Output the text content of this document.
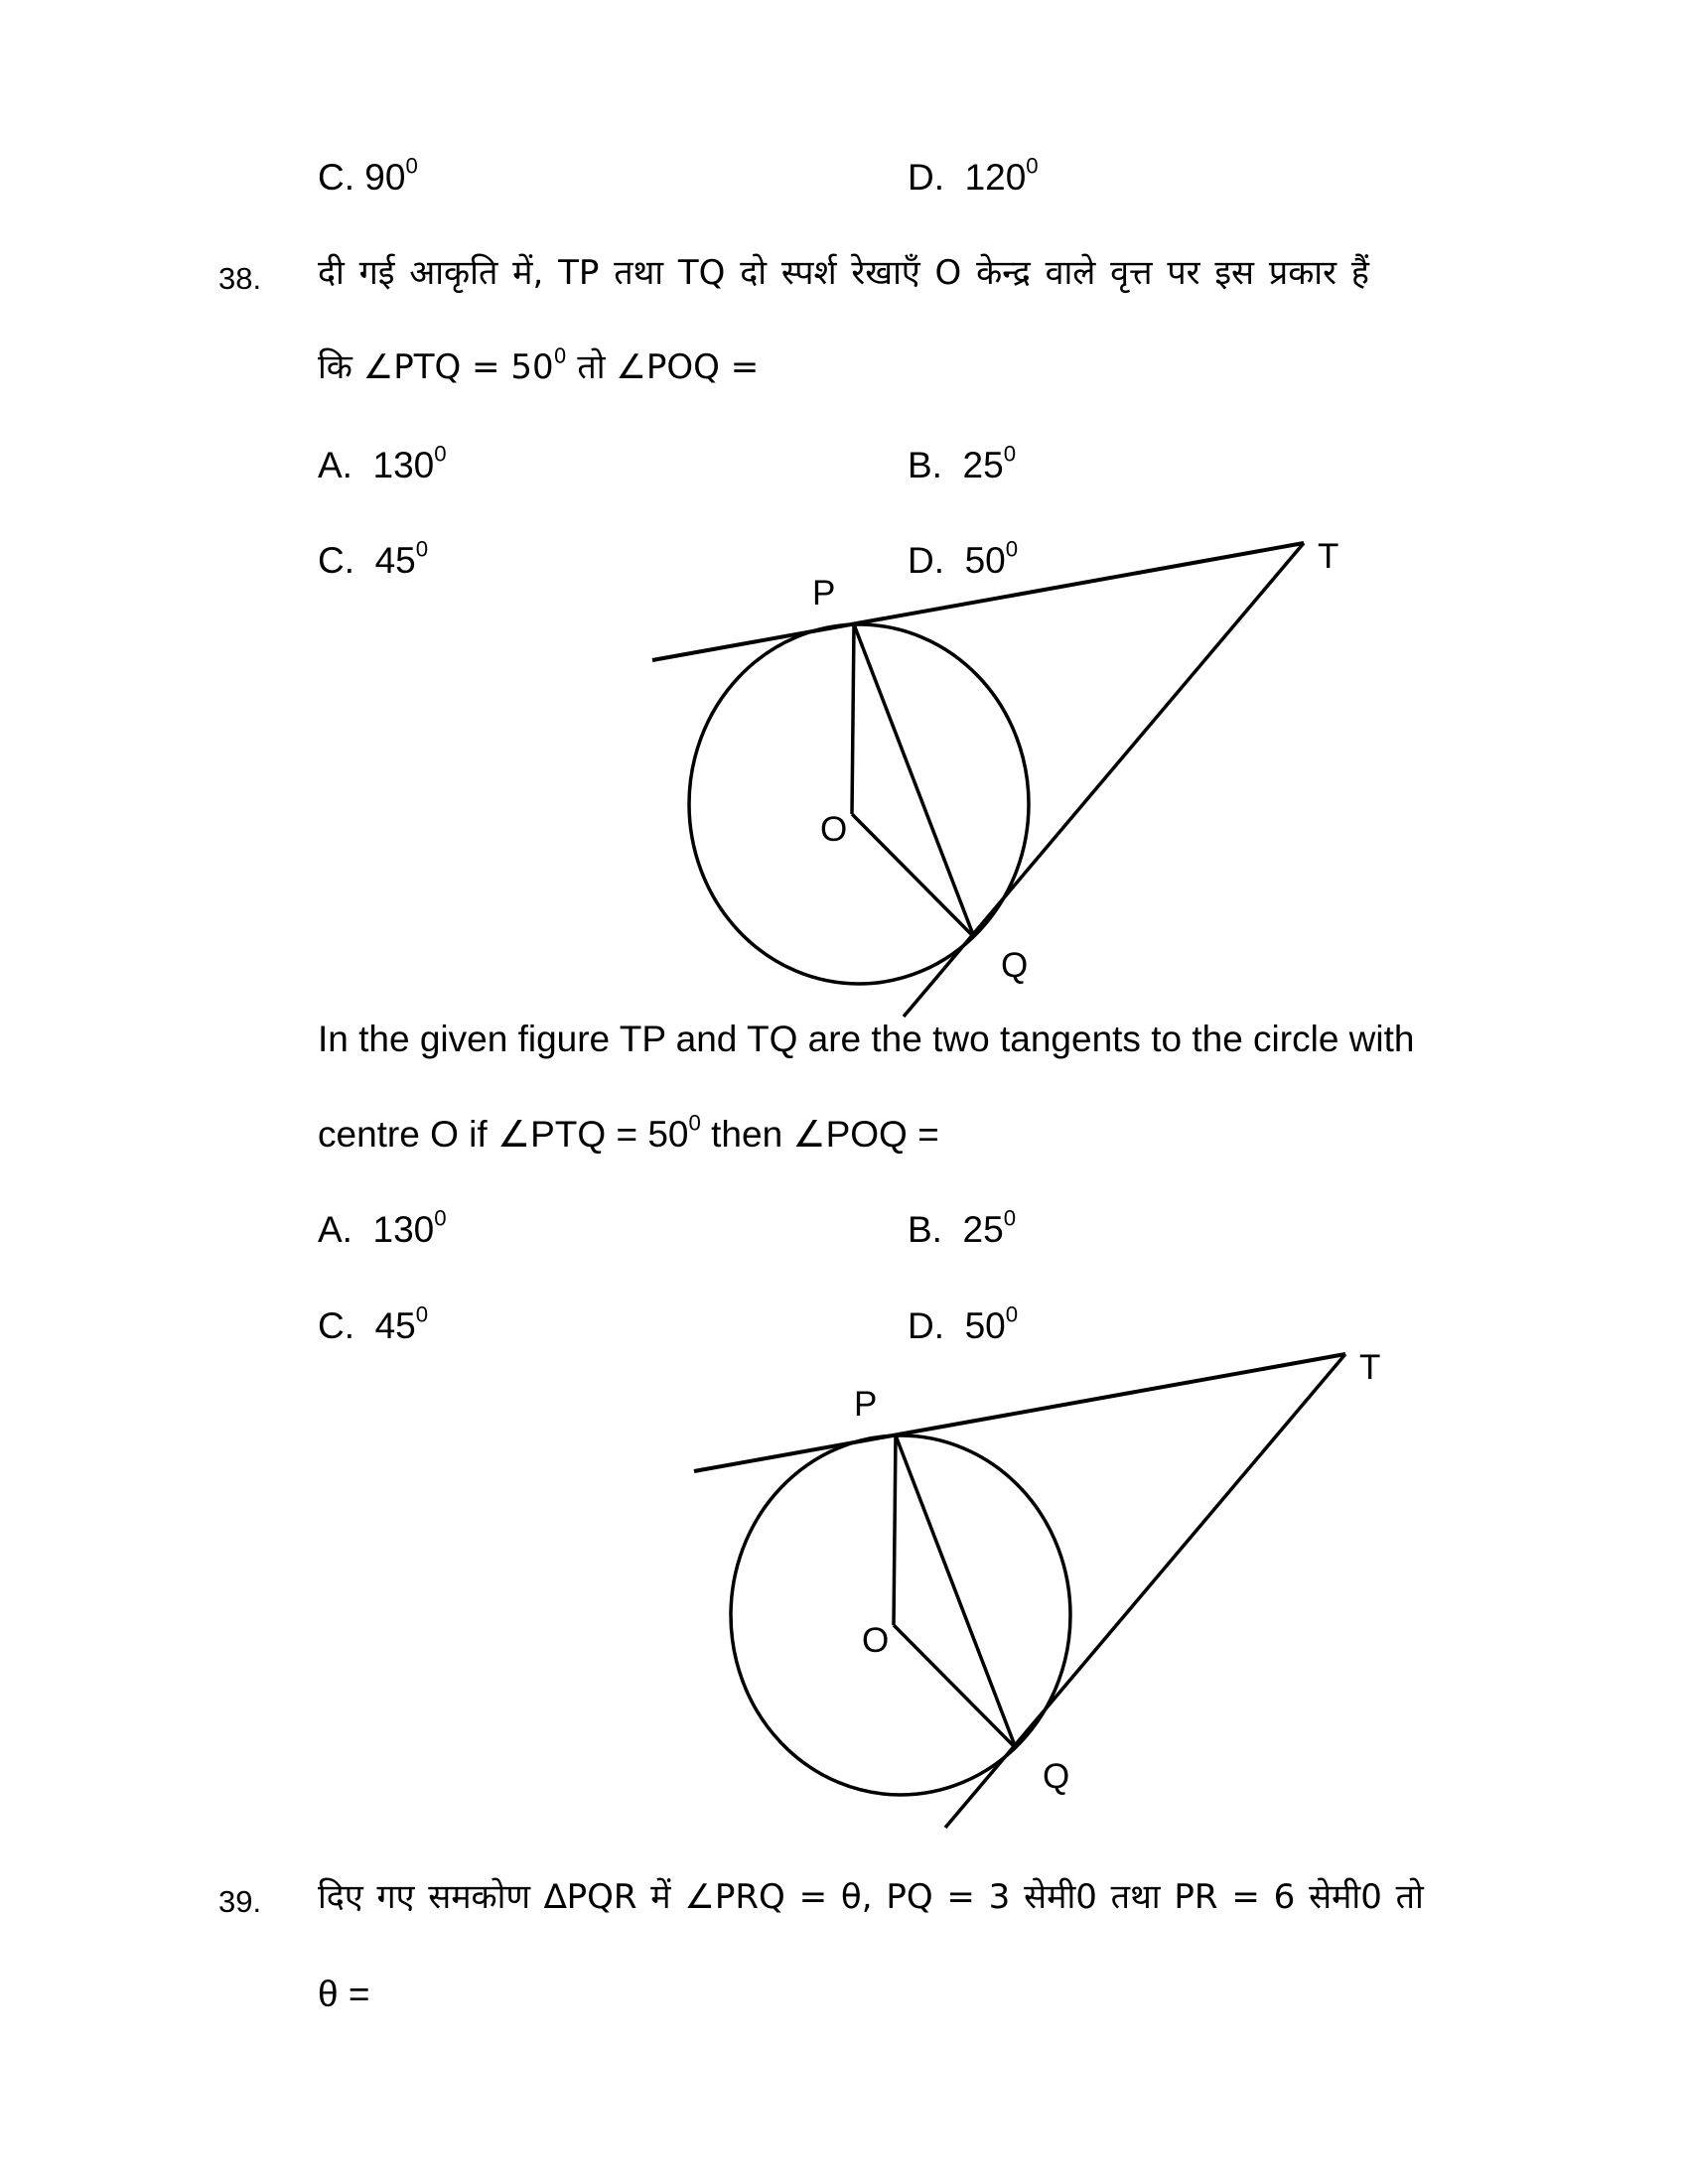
C. $90^0$	D. $120^0$
38. दी गई आकृति में, TP तथा TQ दो स्पर्श रेखाएँ O केन्द्र वाले वृत्त पर इस प्रकार हैं
कि ∠PTQ = $50^0$ तो ∠POQ =
A. $130^0$	B. $25^0$
C. $45^0$	D. $50^0$
P
T
O
Q
In the given figure TP and TQ are the two tangents to the circle with
centre O if ∠PTQ = $50^0$ then ∠POQ =
A. $130^0$	B. $25^0$
C. $45^0$	D. $50^0$
P
T
O
Q
39. दिए गए समकोण ∆PQR में ∠PRQ = θ, PQ = 3 सेमी0 तथा PR = 6 सेमी0 तो
θ =
